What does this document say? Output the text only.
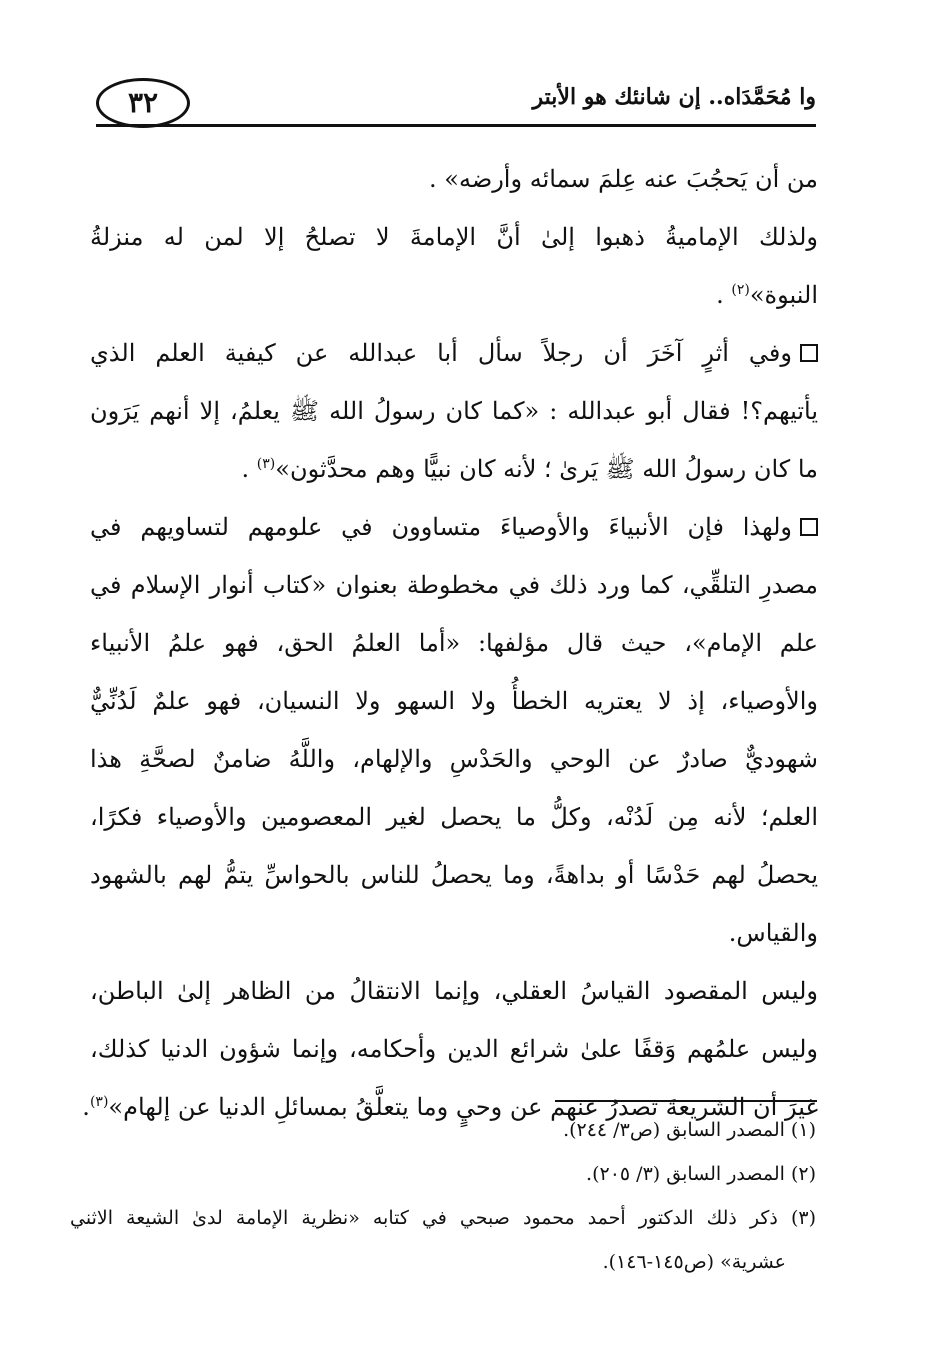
٣٢	وا مُحَمَّدَاه.. إن شانئك هو الأبتر
من أن يَحجُبَ عنه عِلمَ سمائه وأرضه» .
ولذلك الإماميةُ ذهبوا إلىٰ أنَّ الإمامةَ لا تصلحُ إلا لمن له منزلةُ
النبوة»$^{(٢)}$ .
وفي أثرٍ آخَرَ أن رجلاً سأل أبا عبدالله عن كيفية العلم الذي
يأتيهم؟! فقال أبو عبدالله : «كما كان رسولُ الله ﷺ يعلمُ، إلا أنهم يَرَون
ما كان رسولُ الله ﷺ يَرىٰ ؛ لأنه كان نبيًّا وهم محدَّثون»$^{(٣)}$ .
ولهذا فإن الأنبياءَ والأوصياءَ متساوون في علومهم لتساويهم في
مصدرِ التلقِّي، كما ورد ذلك في مخطوطة بعنوان «كتاب أنوار الإسلام في
علم الإمام»، حيث قال مؤلفها: «أما العلمُ الحق، فهو علمُ الأنبياء
والأوصياء، إذ لا يعتريه الخطأُ ولا السهو ولا النسيان، فهو علمٌ لَدُنِّيٌّ
شهوديٌّ صادرٌ عن الوحي والحَدْسِ والإلهام، واللَّهُ ضامنٌ لصحَّةِ هذا
العلم؛ لأنه مِن لَدُنْه، وكلُّ ما يحصل لغير المعصومين والأوصياء فكرًا،
يحصلُ لهم حَدْسًا أو بداهةً، وما يحصلُ للناس بالحواسِّ يتمُّ لهم بالشهود
والقياس.
وليس المقصود القياسُ العقلي، وإنما الانتقالُ من الظاهر إلىٰ الباطن،
وليس علمُهم وَقفًا علىٰ شرائع الدين وأحكامه، وإنما شؤون الدنيا كذلك،
غيرَ أن الشريعةَ تصدرُ عنهم عن وحيٍ وما يتعلَّقُ بمسائلِ الدنيا عن إلهام»$^{(٣)}$.
(١) المصدر السابق (ص٣/ ٢٤٤).
(٢) المصدر السابق (٣/ ٢٠٥).
(٣) ذكر ذلك الدكتور أحمد محمود صبحي في كتابه «نظرية الإمامة لدىٰ الشيعة الاثني
عشرية» (ص١٤٥-١٤٦).
